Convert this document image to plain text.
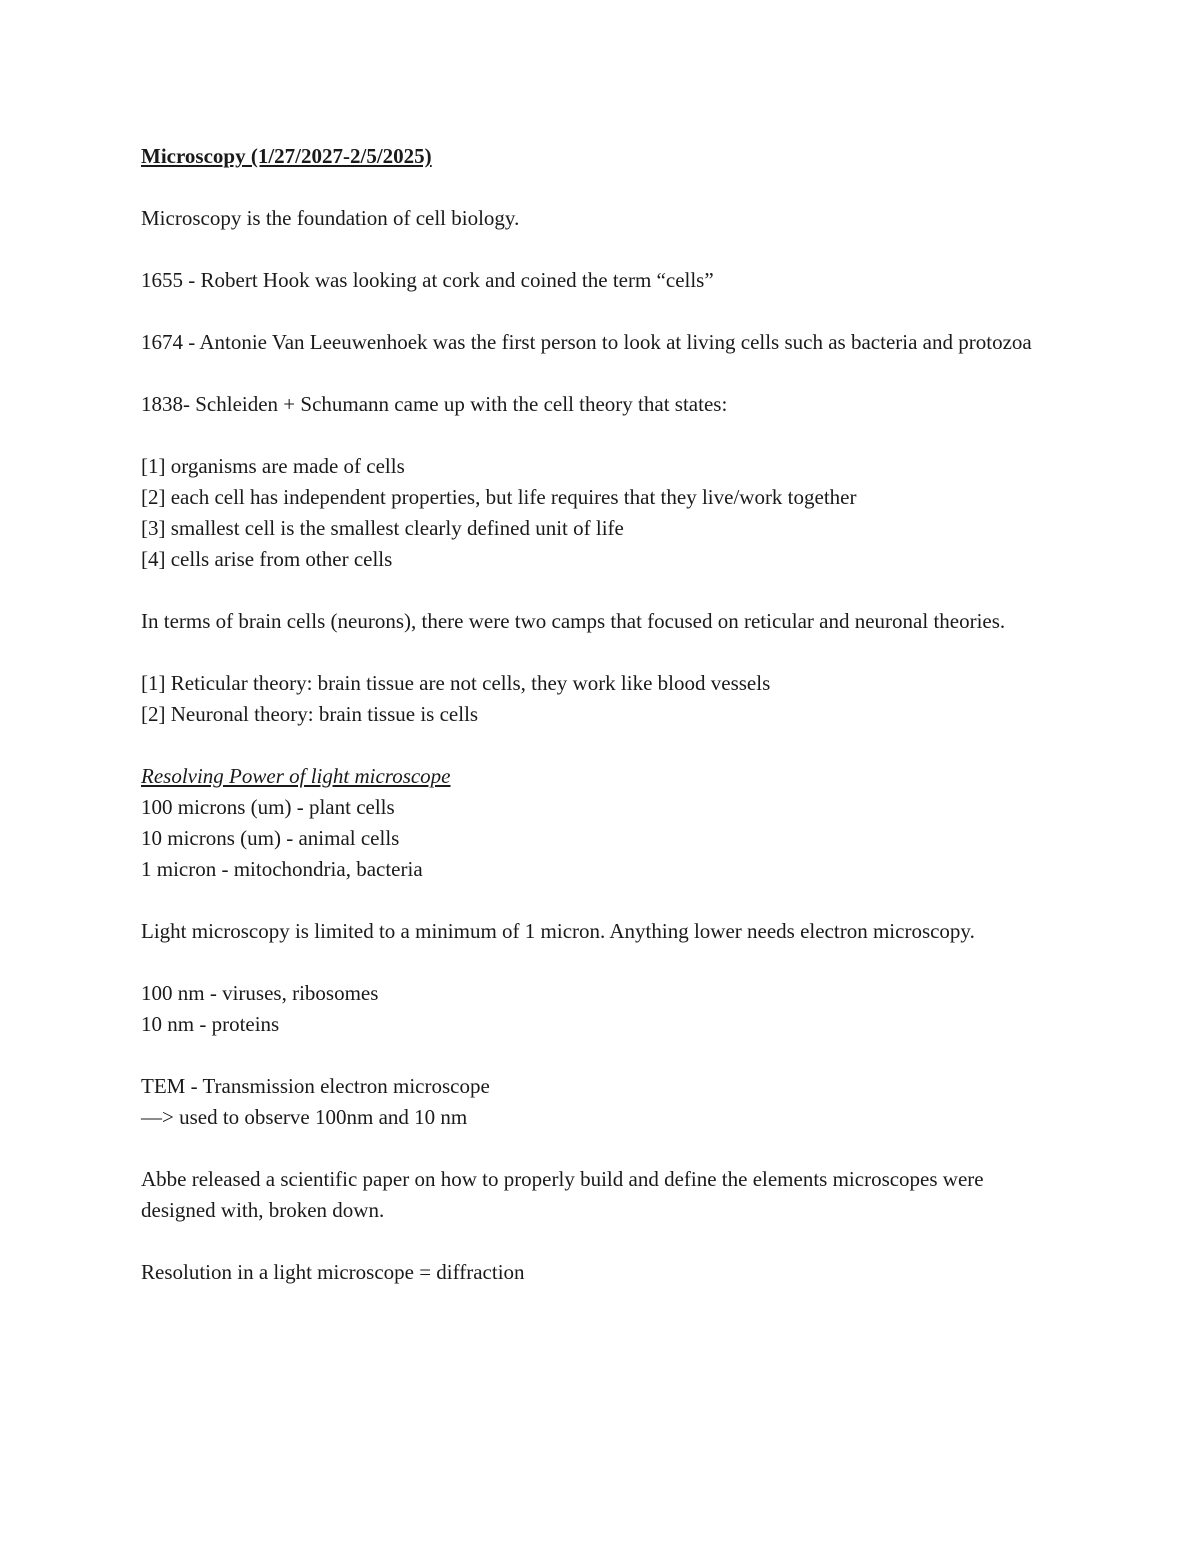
Microscopy (1/27/2027-2/5/2025)

Microscopy is the foundation of cell biology.

1655 - Robert Hook was looking at cork and coined the term “cells”

1674 - Antonie Van Leeuwenhoek was the first person to look at living cells such as bacteria and protozoa

1838- Schleiden + Schumann came up with the cell theory that states:

[1] organisms are made of cells

[2] each cell has independent properties, but life requires that they live/work together

[3] smallest cell is the smallest clearly defined unit of life

[4] cells arise from other cells

In terms of brain cells (neurons), there were two camps that focused on reticular and neuronal theories.

[1] Reticular theory: brain tissue are not cells, they work like blood vessels

[2] Neuronal theory: brain tissue is cells

Resolving Power of light microscope

100 microns (um) - plant cells

10 microns (um) - animal cells

1 micron - mitochondria, bacteria

Light microscopy is limited to a minimum of 1 micron. Anything lower needs electron microscopy.

100 nm - viruses, ribosomes

10 nm - proteins

TEM - Transmission electron microscope

—> used to observe 100nm and 10 nm

Abbe released a scientific paper on how to properly build and define the elements microscopes were designed with, broken down.

Resolution in a light microscope = diffraction
